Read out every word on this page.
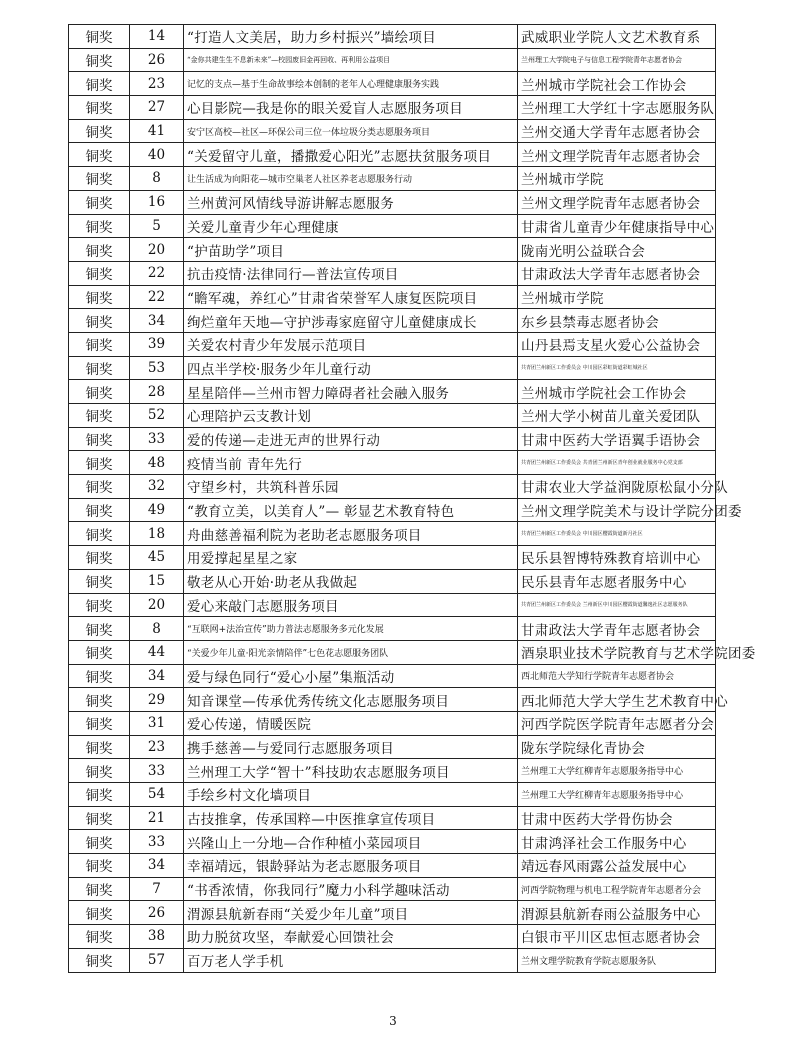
铜奖	14	“打造人文美居，助力乡村振兴”墙绘项目	武威职业学院人文艺术教育系
铜奖	26	“金你共建生生不息新未来”—校园废旧金再回收、再利用公益项目	兰州理工大学院电子与信息工程学院青年志愿者协会
铜奖	23	记忆的支点—基于生命故事绘本创制的老年人心理健康服务实践	兰州城市学院社会工作协会
铜奖	27	心目影院—我是你的眼关爱盲人志愿服务项目	兰州理工大学红十字志愿服务队
铜奖	41	安宁区高校—社区—环保公司三位一体垃圾分类志愿服务项目	兰州交通大学青年志愿者协会
铜奖	40	“关爱留守儿童，播撒爱心阳光”志愿扶贫服务项目	兰州文理学院青年志愿者协会
铜奖	8	让生活成为向阳花—城市空巢老人社区养老志愿服务行动	兰州城市学院
铜奖	16	兰州黄河风情线导游讲解志愿服务	兰州文理学院青年志愿者协会
铜奖	5	关爱儿童青少年心理健康	甘肃省儿童青少年健康指导中心
铜奖	20	“护苗助学”项目	陇南光明公益联合会
铜奖	22	抗击疫情·法律同行—普法宣传项目	甘肃政法大学青年志愿者协会
铜奖	22	“瞻军魂，养红心”甘肃省荣誉军人康复医院项目	兰州城市学院
铜奖	34	绚烂童年天地—守护涉毒家庭留守儿童健康成长	东乡县禁毒志愿者协会
铜奖	39	关爱农村青少年发展示范项目	山丹县焉支星火爱心公益协会
铜奖	53	四点半学校·服务少年儿童行动	共青团兰州新区工作委员会 中川园区彩虹街道彩虹城社区
铜奖	28	星星陪伴—兰州市智力障碍者社会融入服务	兰州城市学院社会工作协会
铜奖	52	心理陪护云支教计划	兰州大学小树苗儿童关爱团队
铜奖	33	爱的传递—走进无声的世界行动	甘肃中医药大学语翼手语协会
铜奖	48	疫情当前 青年先行	共青团兰州新区工作委员会 共青团兰州新区青年创业就业服务中心党支部
铜奖	32	守望乡村，共筑科普乐园	甘肃农业大学益润陇原松鼠小分队
铜奖	49	“教育立美，以美育人”— 彰显艺术教育特色	兰州文理学院美术与设计学院分团委
铜奖	18	舟曲慈善福利院为老助老志愿服务项目	共青团兰州新区工作委员会 中川园区樱霞街道新月社区
铜奖	45	用爱撑起星星之家	民乐县智博特殊教育培训中心
铜奖	15	敬老从心开始·助老从我做起	民乐县青年志愿者服务中心
铜奖	20	爱心来敲门志愿服务项目	共青团兰州新区工作委员会 兰州新区中川园区樱霞街道馨逸社区志愿服务队
铜奖	8	“互联网+法治宣传”助力普法志愿服务多元化发展	甘肃政法大学青年志愿者协会
铜奖	44	“关爱少年儿童·阳光亲情陪伴”七色花志愿服务团队	酒泉职业技术学院教育与艺术学院团委
铜奖	34	爱与绿色同行“爱心小屋”集瓶活动	西北师范大学知行学院青年志愿者协会
铜奖	29	知音课堂—传承优秀传统文化志愿服务项目	西北师范大学大学生艺术教育中心
铜奖	31	爱心传递，情暖医院	河西学院医学院青年志愿者分会
铜奖	23	携手慈善—与爱同行志愿服务项目	陇东学院绿化青协会
铜奖	33	兰州理工大学“智十”科技助农志愿服务项目	兰州理工大学红柳青年志愿服务指导中心
铜奖	54	手绘乡村文化墙项目	兰州理工大学红柳青年志愿服务指导中心
铜奖	21	古技推拿，传承国粹—中医推拿宣传项目	甘肃中医药大学骨伤协会
铜奖	33	兴隆山上一分地—合作种植小菜园项目	甘肃鸿泽社会工作服务中心
铜奖	34	幸福靖远，银龄驿站为老志愿服务项目	靖远春风雨露公益发展中心
铜奖	7	“书香浓情，你我同行”魔力小科学趣味活动	河西学院物理与机电工程学院青年志愿者分会
铜奖	26	渭源县航新春雨“关爱少年儿童”项目	渭源县航新春雨公益服务中心
铜奖	38	助力脱贫攻坚，奉献爱心回馈社会	白银市平川区忠恒志愿者协会
铜奖	57	百万老人学手机	兰州文理学院教育学院志愿服务队
3
